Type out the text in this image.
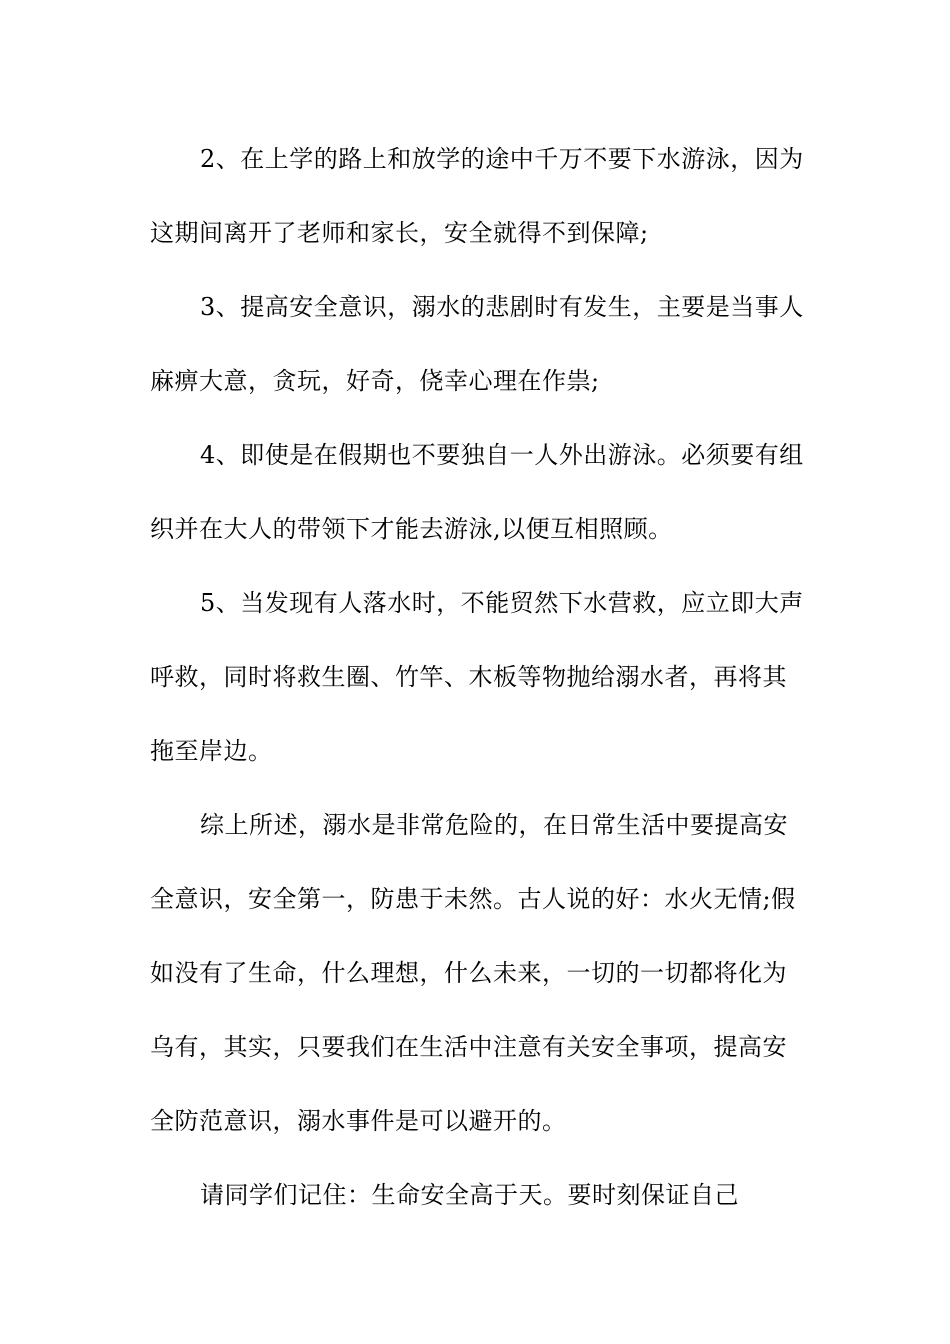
2、在上学的路上和放学的途中千万不要下水游泳，因为这期间离开了老师和家长，安全就得不到保障;

3、提高安全意识，溺水的悲剧时有发生，主要是当事人麻痹大意，贪玩，好奇，侥幸心理在作祟;

4、即使是在假期也不要独自一人外出游泳。必须要有组织并在大人的带领下才能去游泳,以便互相照顾。

5、当发现有人落水时，不能贸然下水营救，应立即大声呼救，同时将救生圈、竹竿、木板等物抛给溺水者，再将其拖至岸边。

综上所述，溺水是非常危险的，在日常生活中要提高安全意识，安全第一，防患于未然。古人说的好：水火无情;假如没有了生命，什么理想，什么未来，一切的一切都将化为乌有，其实，只要我们在生活中注意有关安全事项，提高安全防范意识，溺水事件是可以避开的。

请同学们记住：生命安全高于天。要时刻保证自己
